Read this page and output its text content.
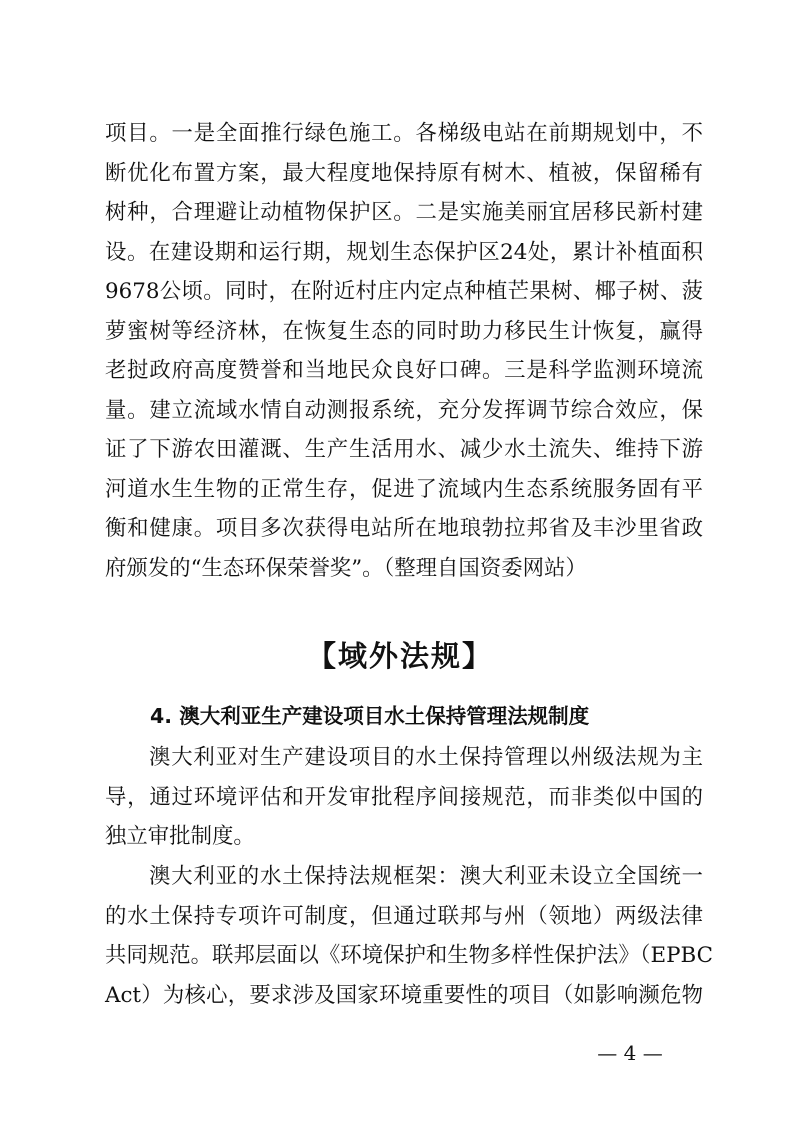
项目。一是全面推行绿色施工。各梯级电站在前期规划中，不
断优化布置方案，最大程度地保持原有树木、植被，保留稀有
树种，合理避让动植物保护区。二是实施美丽宜居移民新村建
设。在建设期和运行期，规划生态保护区24处，累计补植面积
9678公顷。同时，在附近村庄内定点种植芒果树、椰子树、菠
萝蜜树等经济林，在恢复生态的同时助力移民生计恢复，赢得
老挝政府高度赞誉和当地民众良好口碑。三是科学监测环境流
量。建立流域水情自动测报系统，充分发挥调节综合效应，保
证了下游农田灌溉、生产生活用水、减少水土流失、维持下游
河道水生生物的正常生存，促进了流域内生态系统服务固有平
衡和健康。项目多次获得电站所在地琅勃拉邦省及丰沙里省政
府颁发的“生态环保荣誉奖”。（整理自国资委网站）
【域外法规】
4. 澳大利亚生产建设项目水土保持管理法规制度
澳大利亚对生产建设项目的水土保持管理以州级法规为主
导，通过环境评估和开发审批程序间接规范，而非类似中国的
独立审批制度。
澳大利亚的水土保持法规框架：澳大利亚未设立全国统一
的水土保持专项许可制度，但通过联邦与州（领地）两级法律
共同规范。联邦层面以《环境保护和生物多样性保护法》（EPBC
Act）为核心，要求涉及国家环境重要性的项目（如影响濒危物
— 4 —
